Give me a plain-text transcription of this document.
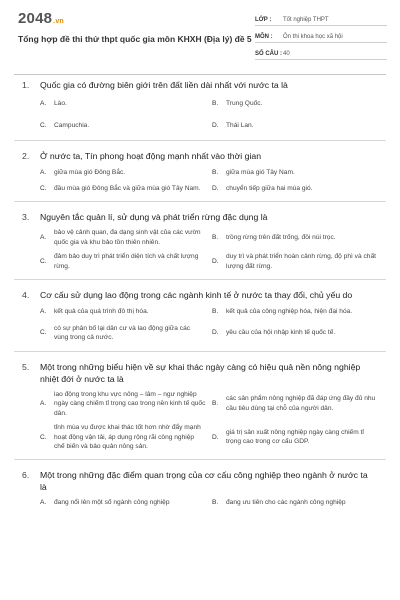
2048.vn
Tổng hợp đề thi thử thpt quốc gia môn KHXH (Địa lý) đề 5
LỚP :	Tốt nghiệp THPT
MÔN :	Ôn thi khoa học xã hội
SỐ CÂU : 40
1.	Quốc gia có đường biên giới trên đất liền dài nhất với nước ta là
A.	Lào.	B.	Trung Quốc.
C.	Campuchia.	D.	Thái Lan.
2.	Ở nước ta, Tín phong hoạt động mạnh nhất vào thời gian
A.	giữa mùa gió Đông Bắc.	B.	giữa mùa gió Tây Nam.
C.	đầu mùa gió Đông Bắc và giữa mùa gió Tây Nam.	D.	chuyển tiếp giữa hai mùa gió.
3.	Nguyên tắc quản lí, sử dụng và phát triển rừng đặc dụng là
A.
bảo vệ cảnh quan, đa dạng sinh vật của các vườn quốc gia và khu bảo tồn thiên nhiên.
B.	trồng rừng trên đất trống, đồi núi trọc.
C.
đảm bảo duy trì phát triển diện tích và chất lượng rừng.
D.
duy trì và phát triển hoàn cảnh rừng, độ phì và chất lượng đất rừng.
4.	Cơ cấu sử dụng lao động trong các ngành kinh tế ở nước ta thay đổi, chủ yếu do
A.	kết quả của quá trình đô thị hóa.	B.	kết quả của công nghiệp hóa, hiện đại hóa.
C.
có sự phân bố lại dân cư và lao động giữa các vùng trong cả nước.
D.	yêu cầu của hội nhập kinh tế quốc tế.
5.	Một trong những biểu hiện về sự khai thác ngày càng có hiệu quả nền nông nghiệp nhiệt đới ở nước ta là
A.
lao động trong khu vực nông – lâm – ngư nghiệp ngày càng chiếm tỉ trọng cao trong nền kinh tế quốc dân.
B.
các sản phẩm nông nghiệp đã đáp ứng đầy đủ nhu cầu tiêu dùng tại chỗ của người dân.
C.
tỉnh mùa vụ được khai thác tốt hơn nhờ đẩy mạnh hoạt động vận tải, áp dụng rộng rãi công nghiệp chế biến và bảo quản nông sản.
D.
giá trị sản xuất nông nghiệp ngày càng chiếm tỉ trọng cao trong cơ cấu GDP.
6.	Một trong những đặc điểm quan trọng của cơ cấu công nghiệp theo ngành ở nước ta là
A.	đang nổi lên một số ngành công nghiệp	B.	đang ưu tiên cho các ngành công nghiệp
